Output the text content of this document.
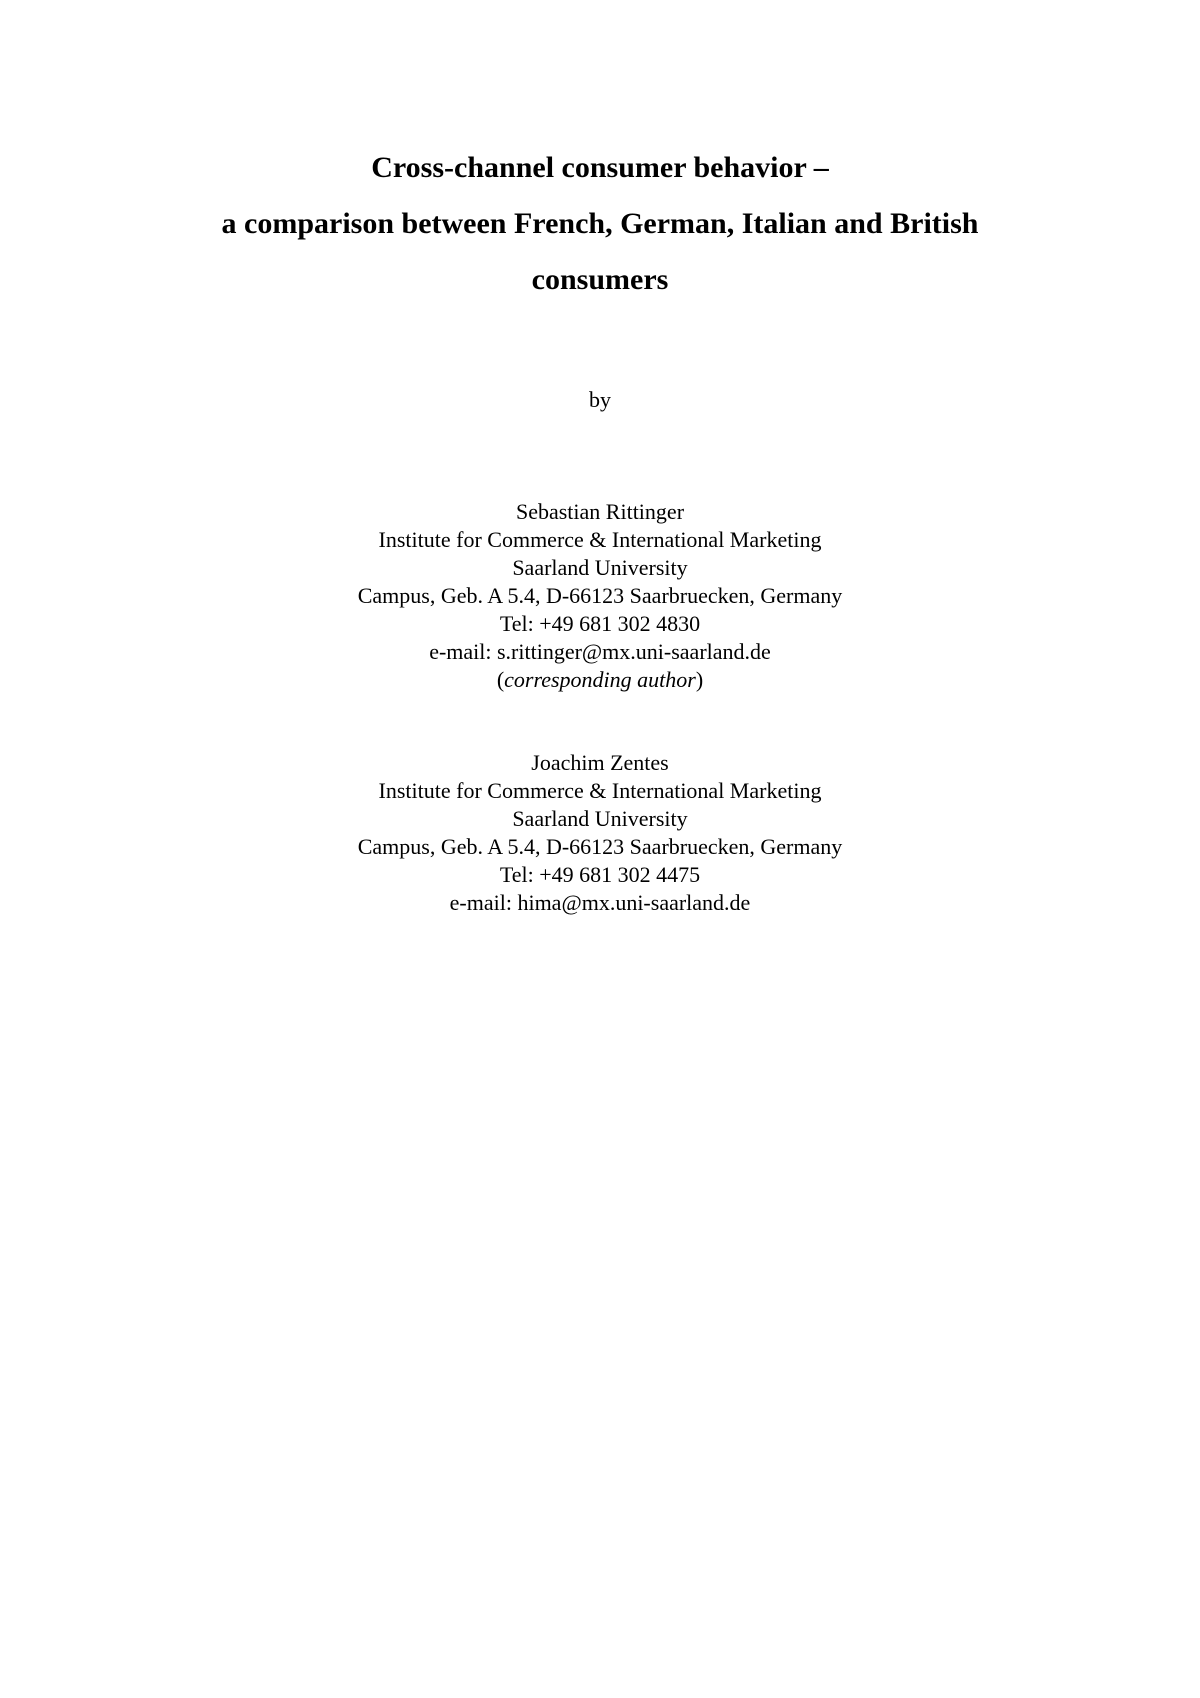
Cross-channel consumer behavior –
a comparison between French, German, Italian and British
consumers
by
Sebastian Rittinger
Institute for Commerce & International Marketing
Saarland University
Campus, Geb. A 5.4, D-66123 Saarbruecken, Germany
Tel: +49 681 302 4830
e-mail: s.rittinger@mx.uni-saarland.de
(corresponding author)
Joachim Zentes
Institute for Commerce & International Marketing
Saarland University
Campus, Geb. A 5.4, D-66123 Saarbruecken, Germany
Tel: +49 681 302 4475
e-mail: hima@mx.uni-saarland.de
